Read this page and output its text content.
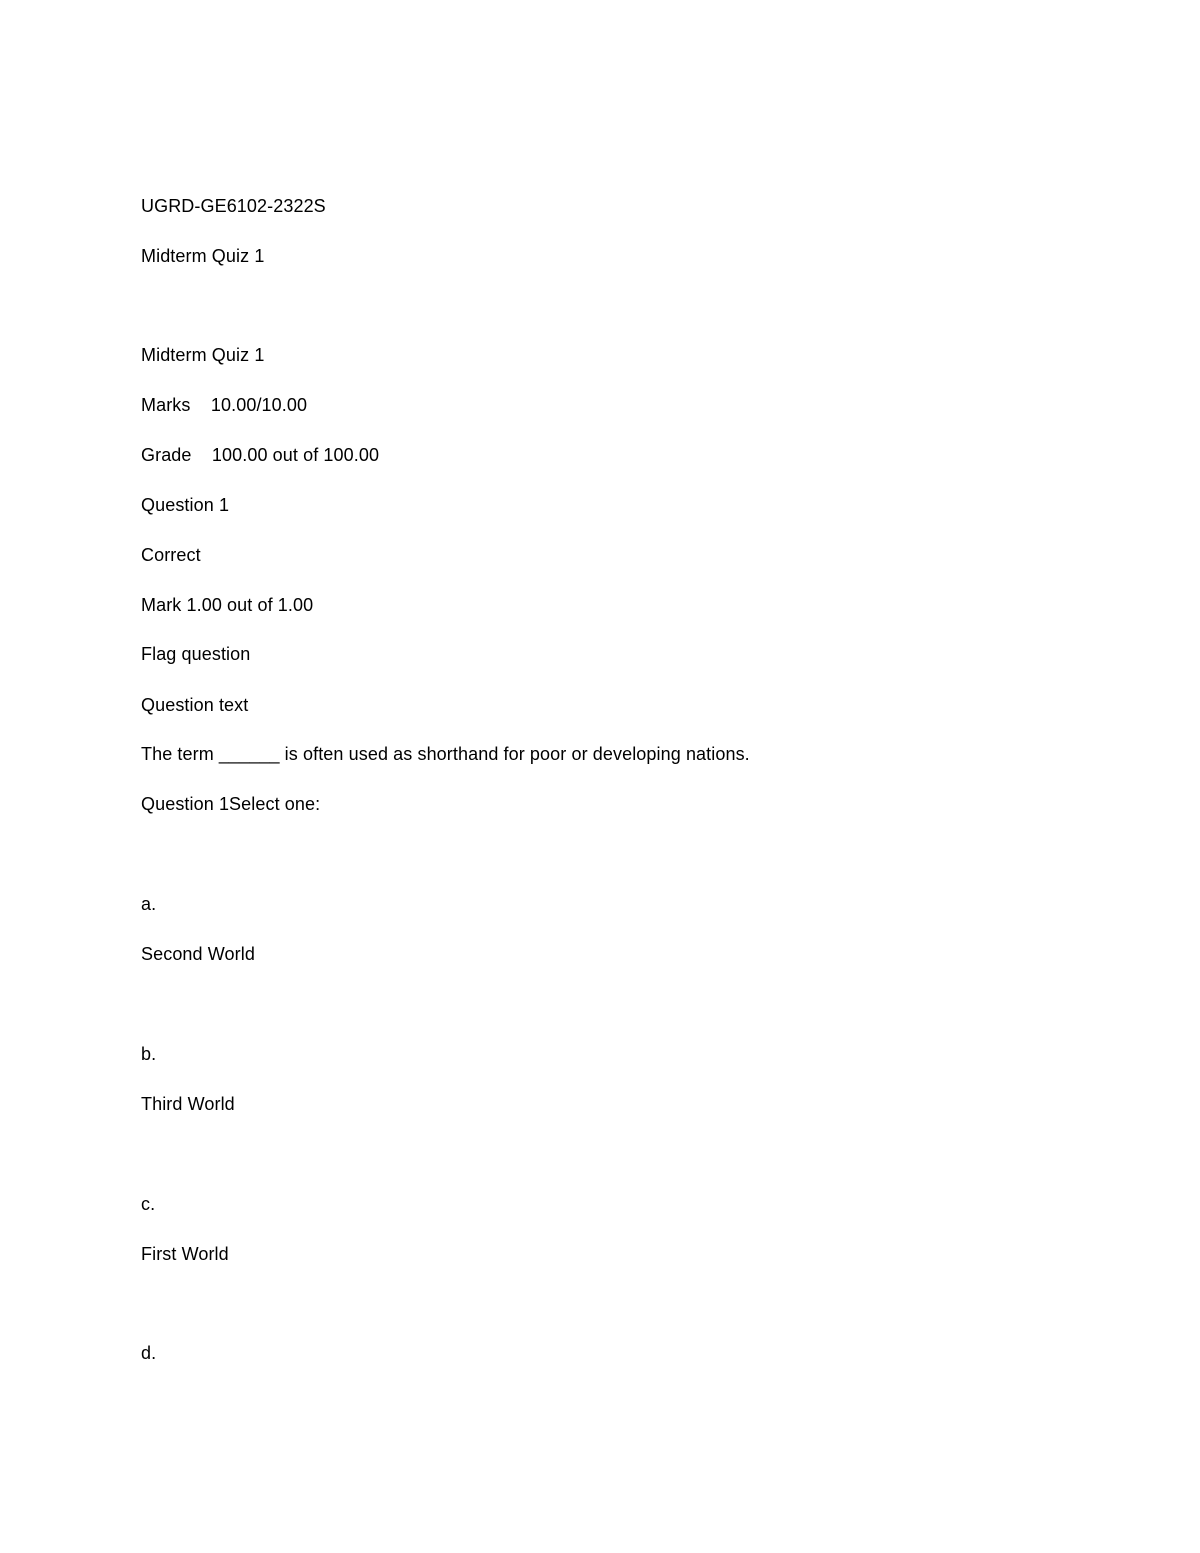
UGRD-GE6102-2322S
Midterm Quiz 1
Midterm Quiz 1
Marks    10.00/10.00
Grade    100.00 out of 100.00
Question 1
Correct
Mark 1.00 out of 1.00
Flag question
Question text
The term ______ is often used as shorthand for poor or developing nations.
Question 1Select one:
a.
Second World
b.
Third World
c.
First World
d.
